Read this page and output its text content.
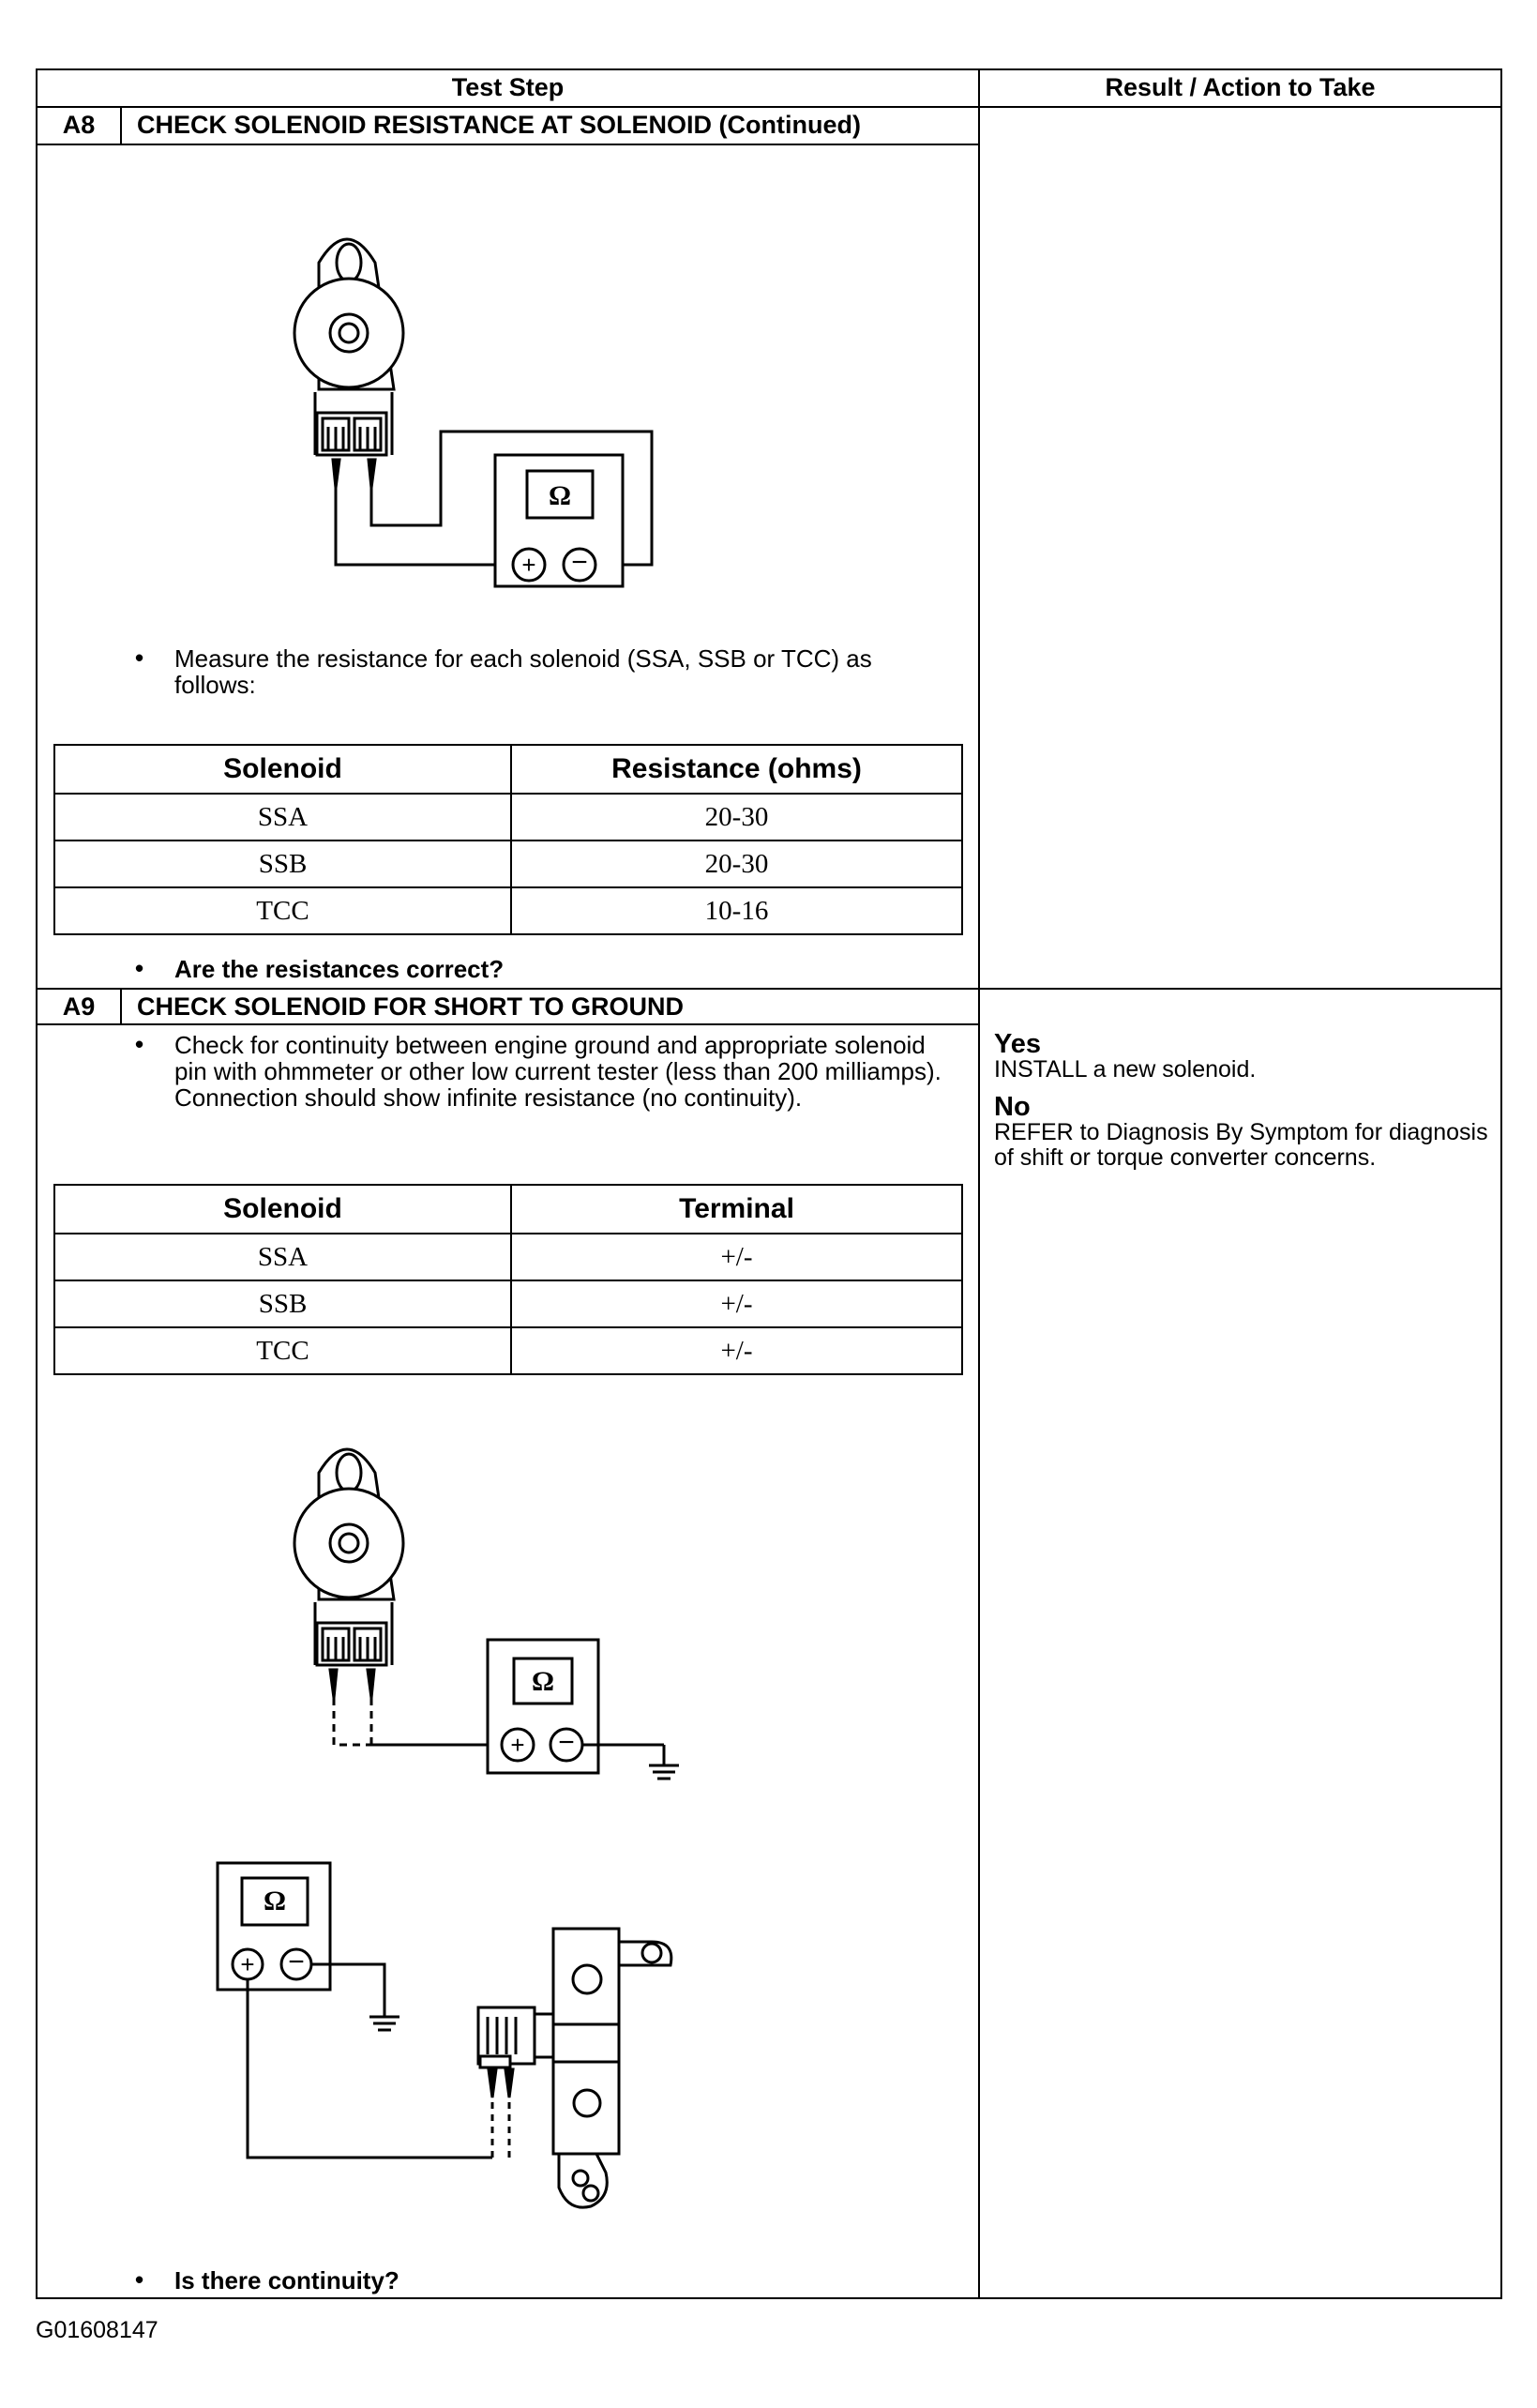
Test Step	Result / Action to Take
A8	CHECK SOLENOID RESISTANCE AT SOLENOID (Continued)
Ω
+ −
• Measure the resistance for each solenoid (SSA, SSB or TCC) as follows:
Solenoid	Resistance (ohms)
SSA	20-30
SSB	20-30
TCC	10-16
• Are the resistances correct?
A9	CHECK SOLENOID FOR SHORT TO GROUND
• Check for continuity between engine ground and appropriate solenoid pin with ohmmeter or other low current tester (less than 200 milliamps). Connection should show infinite resistance (no continuity).
Solenoid	Terminal
SSA	+/-
SSB	+/-
TCC	+/-
Ω
+ −
Ω
+ −
• Is there continuity?
Yes
INSTALL a new solenoid.
No
REFER to Diagnosis By Symptom for diagnosis of shift or torque converter concerns.
G01608147
